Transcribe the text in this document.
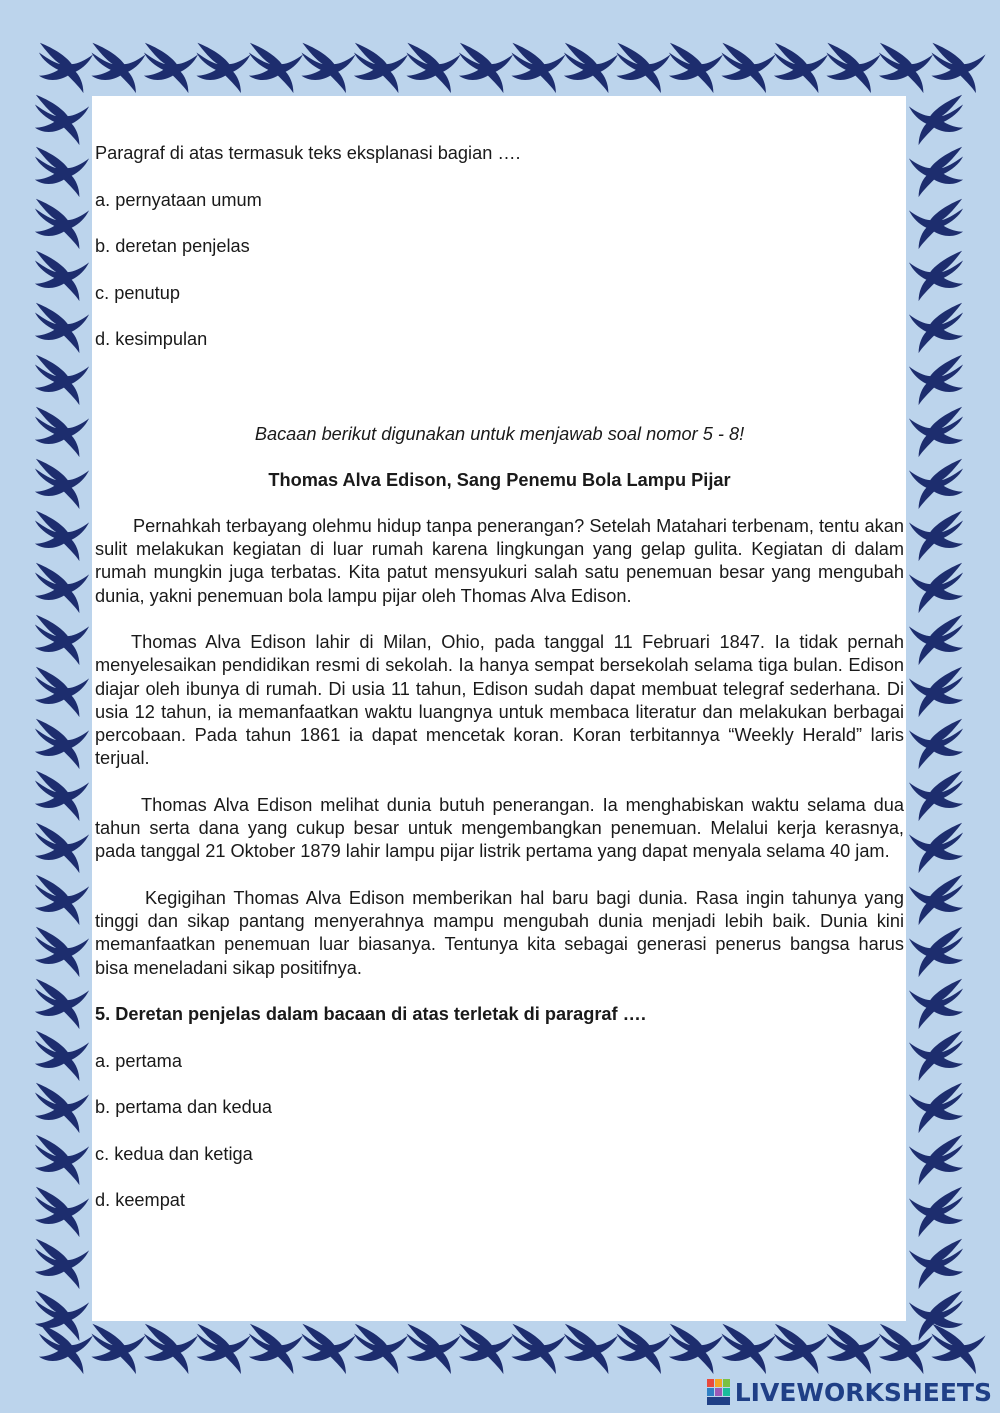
Paragraf di atas termasuk teks eksplanasi bagian ….

a. pernyataan umum

b. deretan penjelas

c. penutup

d. kesimpulan

Bacaan berikut digunakan untuk menjawab soal nomor 5 - 8!

Thomas Alva Edison, Sang Penemu Bola Lampu Pijar

Pernahkah terbayang olehmu hidup tanpa penerangan? Setelah Matahari terbenam, tentu akan sulit melakukan kegiatan di luar rumah karena lingkungan yang gelap gulita. Kegiatan di dalam rumah mungkin juga terbatas. Kita patut mensyukuri salah satu penemuan besar yang mengubah dunia, yakni penemuan bola lampu pijar oleh Thomas Alva Edison.

Thomas Alva Edison lahir di Milan, Ohio, pada tanggal 11 Februari 1847. Ia tidak pernah menyelesaikan pendidikan resmi di sekolah. Ia hanya sempat bersekolah selama tiga bulan. Edison diajar oleh ibunya di rumah. Di usia 11 tahun, Edison sudah dapat membuat telegraf sederhana. Di usia 12 tahun, ia memanfaatkan waktu luangnya untuk membaca literatur dan melakukan berbagai percobaan. Pada tahun 1861 ia dapat mencetak koran. Koran terbitannya “Weekly Herald” laris terjual.

Thomas Alva Edison melihat dunia butuh penerangan. Ia menghabiskan waktu selama dua tahun serta dana yang cukup besar untuk mengembangkan penemuan. Melalui kerja kerasnya, pada tanggal 21 Oktober 1879 lahir lampu pijar listrik pertama yang dapat menyala selama 40 jam.

Kegigihan Thomas Alva Edison memberikan hal baru bagi dunia. Rasa ingin tahunya yang tinggi dan sikap pantang menyerahnya mampu mengubah dunia menjadi lebih baik. Dunia kini memanfaatkan penemuan luar biasanya. Tentunya kita sebagai generasi penerus bangsa harus bisa meneladani sikap positifnya.

5. Deretan penjelas dalam bacaan di atas terletak di paragraf ….

a. pertama

b. pertama dan kedua

c. kedua dan ketiga

d. keempat

LIVEWORKSHEETS
